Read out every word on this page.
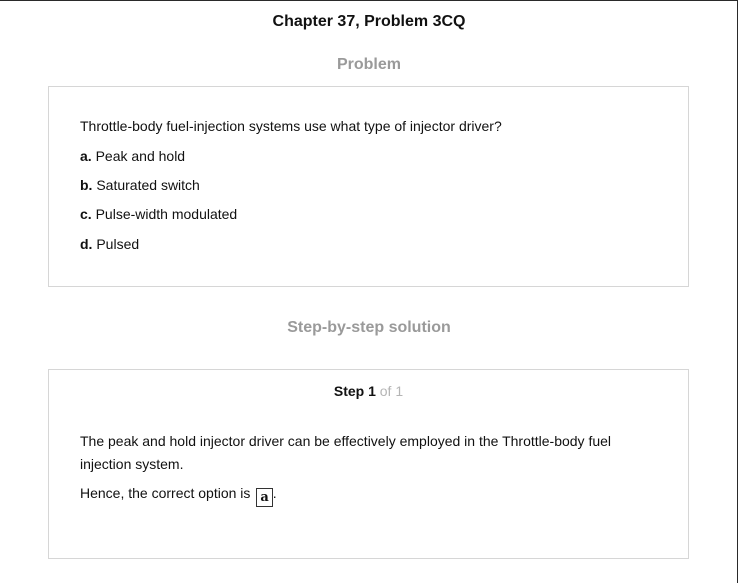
Chapter 37, Problem 3CQ
Problem
Throttle-body fuel-injection systems use what type of injector driver?
a. Peak and hold
b. Saturated switch
c. Pulse-width modulated
d. Pulsed
Step-by-step solution
Step 1 of 1
The peak and hold injector driver can be effectively employed in the Throttle-body fuel injection system.
Hence, the correct option is a .
